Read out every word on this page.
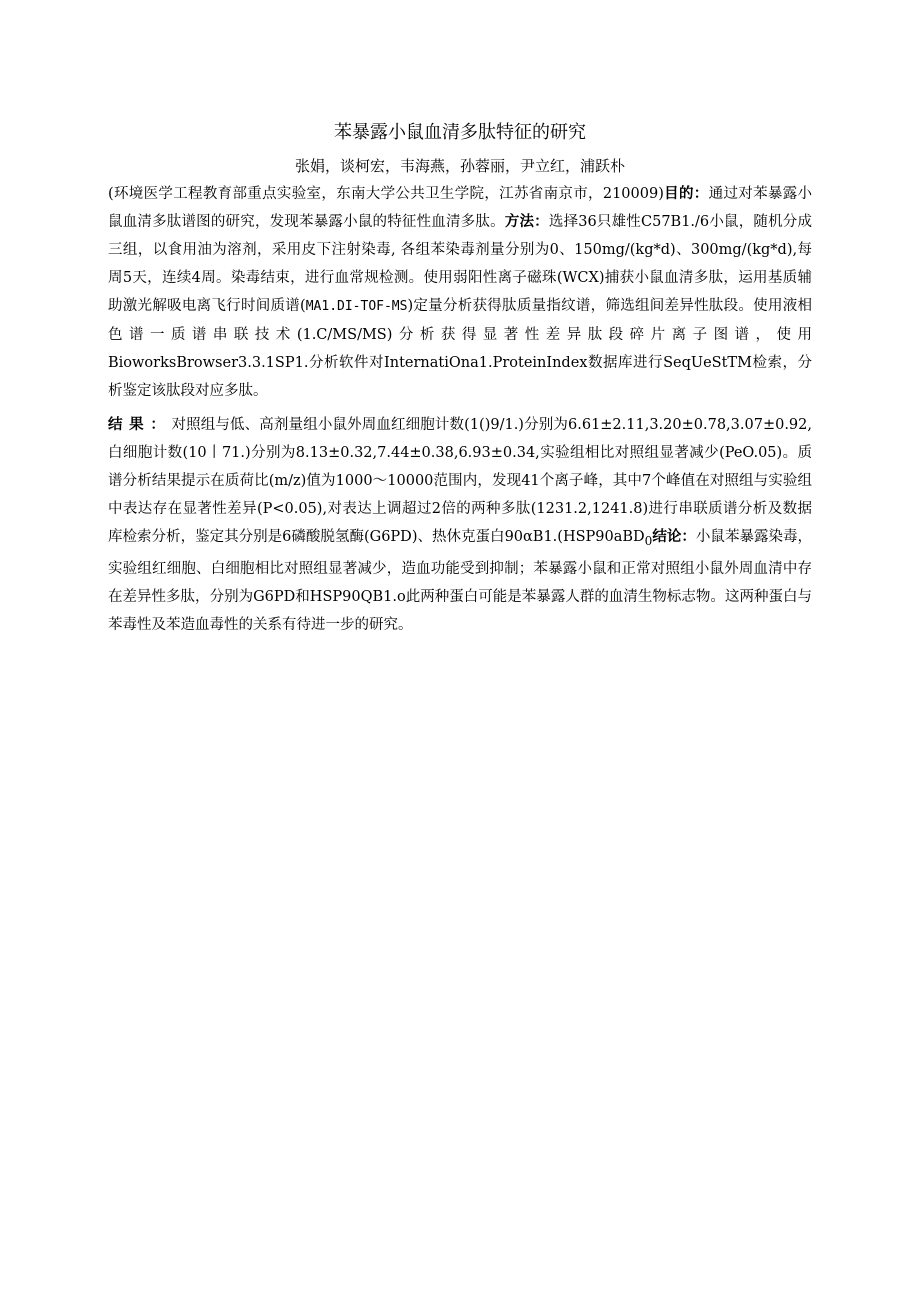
苯暴露小鼠血清多肽特征的研究

张娟，谈柯宏，韦海燕，孙蓉丽，尹立红，浦跃朴

(环境医学工程教育部重点实验室，东南大学公共卫生学院，江苏省南京市，210009)目的：通过对苯暴露小鼠血清多肽谱图的研究，发现苯暴露小鼠的特征性血清多肽。方法：选择36只雄性C57B1./6小鼠，随机分成三组，以食用油为溶剂，采用皮下注射染毒, 各组苯染毒剂量分别为0、150mg/(kg*d)、300mg/(kg*d),每周5天，连续4周。染毒结束，进行血常规检测。使用弱阳性离子磁珠(WCX)捕获小鼠血清多肽，运用基质辅助激光解吸电离飞行时间质谱(MA1.DI-TOF-MS)定量分析获得肽质量指纹谱，筛选组间差异性肽段。使用液相色谱一质谱串联技术(1.C/MS/MS)分析获得显著性差异肽段碎片离子图谱，使用BioworksBrowser3.3.1SP1.分析软件对InternatiOna1.ProteinIndex数据库进行SeqUeStTM检索，分析鉴定该肽段对应多肽。

结果：对照组与低、高剂量组小鼠外周血红细胞计数(1()9/1.)分别为6.61±2.11,3.20±0.78,3.07±0.92,白细胞计数(10丨71.)分别为8.13±0.32,7.44±0.38,6.93±0.34,实验组相比对照组显著减少(PeO.05)。质谱分析结果提示在质荷比(m/z)值为1000～10000范围内，发现41个离子峰，其中7个峰值在对照组与实验组中表达存在显著性差异(P<0.05),对表达上调超过2倍的两种多肽(1231.2,1241.8)进行串联质谱分析及数据库检索分析，鉴定其分别是6磷酸脱氢酶(G6PD)、热休克蛋白90αB1.(HSP90aBD$_0$结论：小鼠苯暴露染毒，实验组红细胞、白细胞相比对照组显著减少，造血功能受到抑制；苯暴露小鼠和正常对照组小鼠外周血清中存在差异性多肽，分别为G6PD和HSP90QB1.o此两种蛋白可能是苯暴露人群的血清生物标志物。这两种蛋白与苯毒性及苯造血毒性的关系有待进一步的研究。
